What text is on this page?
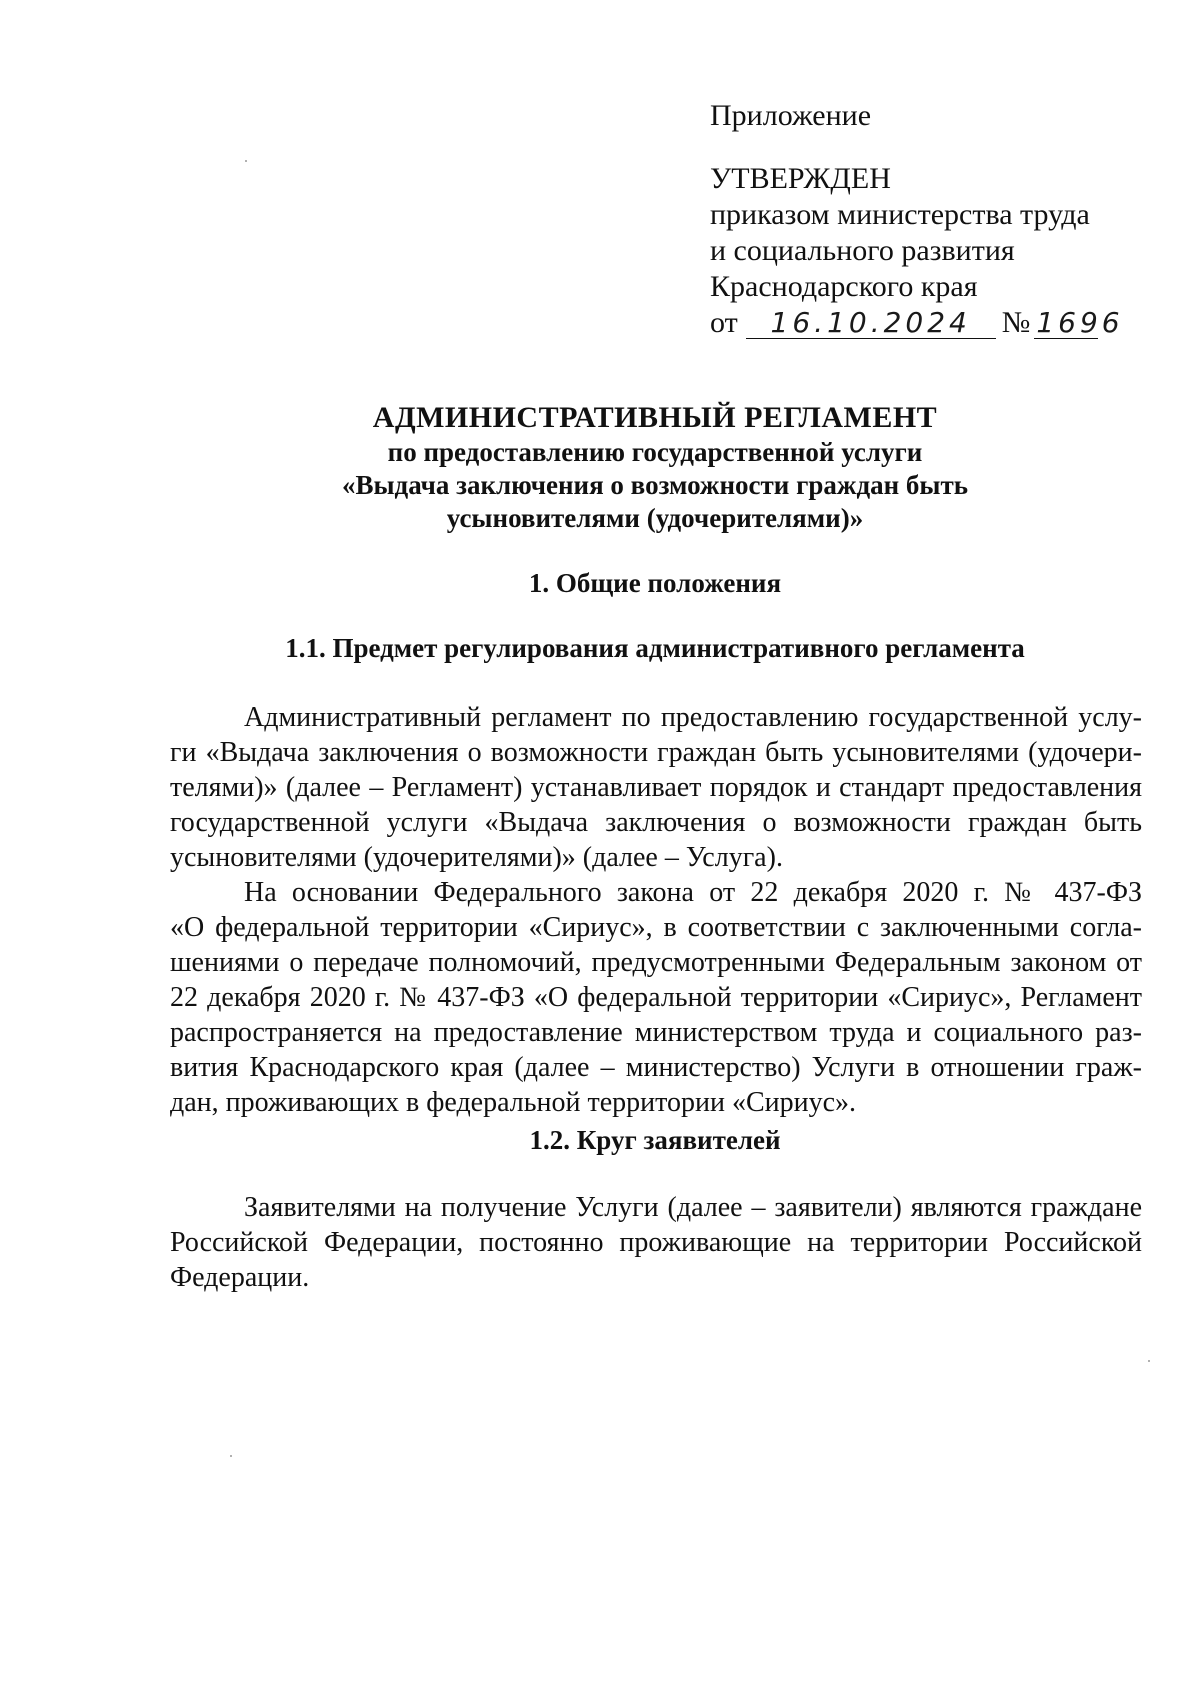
Приложение
УТВЕРЖДЕН
приказом министерства труда
и социального развития
Краснодарского края
от 16.10.2024 № 1696
АДМИНИСТРАТИВНЫЙ РЕГЛАМЕНТ
по предоставлению государственной услуги
«Выдача заключения о возможности граждан быть
усыновителями (удочерителями)»
1. Общие положения
1.1. Предмет регулирования административного регламента
Административный регламент по предоставлению государственной услу-
ги «Выдача заключения о возможности граждан быть усыновителями (удочери-
телями)» (далее – Регламент) устанавливает порядок и стандарт предоставления
государственной услуги «Выдача заключения о возможности граждан быть
усыновителями (удочерителями)» (далее – Услуга).
На основании Федерального закона от 22 декабря 2020 г. № 437-ФЗ
«О федеральной территории «Сириус», в соответствии с заключенными согла-
шениями о передаче полномочий, предусмотренными Федеральным законом от
22 декабря 2020 г. № 437-ФЗ «О федеральной территории «Сириус», Регламент
распространяется на предоставление министерством труда и социального раз-
вития Краснодарского края (далее – министерство) Услуги в отношении граж-
дан, проживающих в федеральной территории «Сириус».
1.2. Круг заявителей
Заявителями на получение Услуги (далее – заявители) являются граждане
Российской Федерации, постоянно проживающие на территории Российской
Федерации.
